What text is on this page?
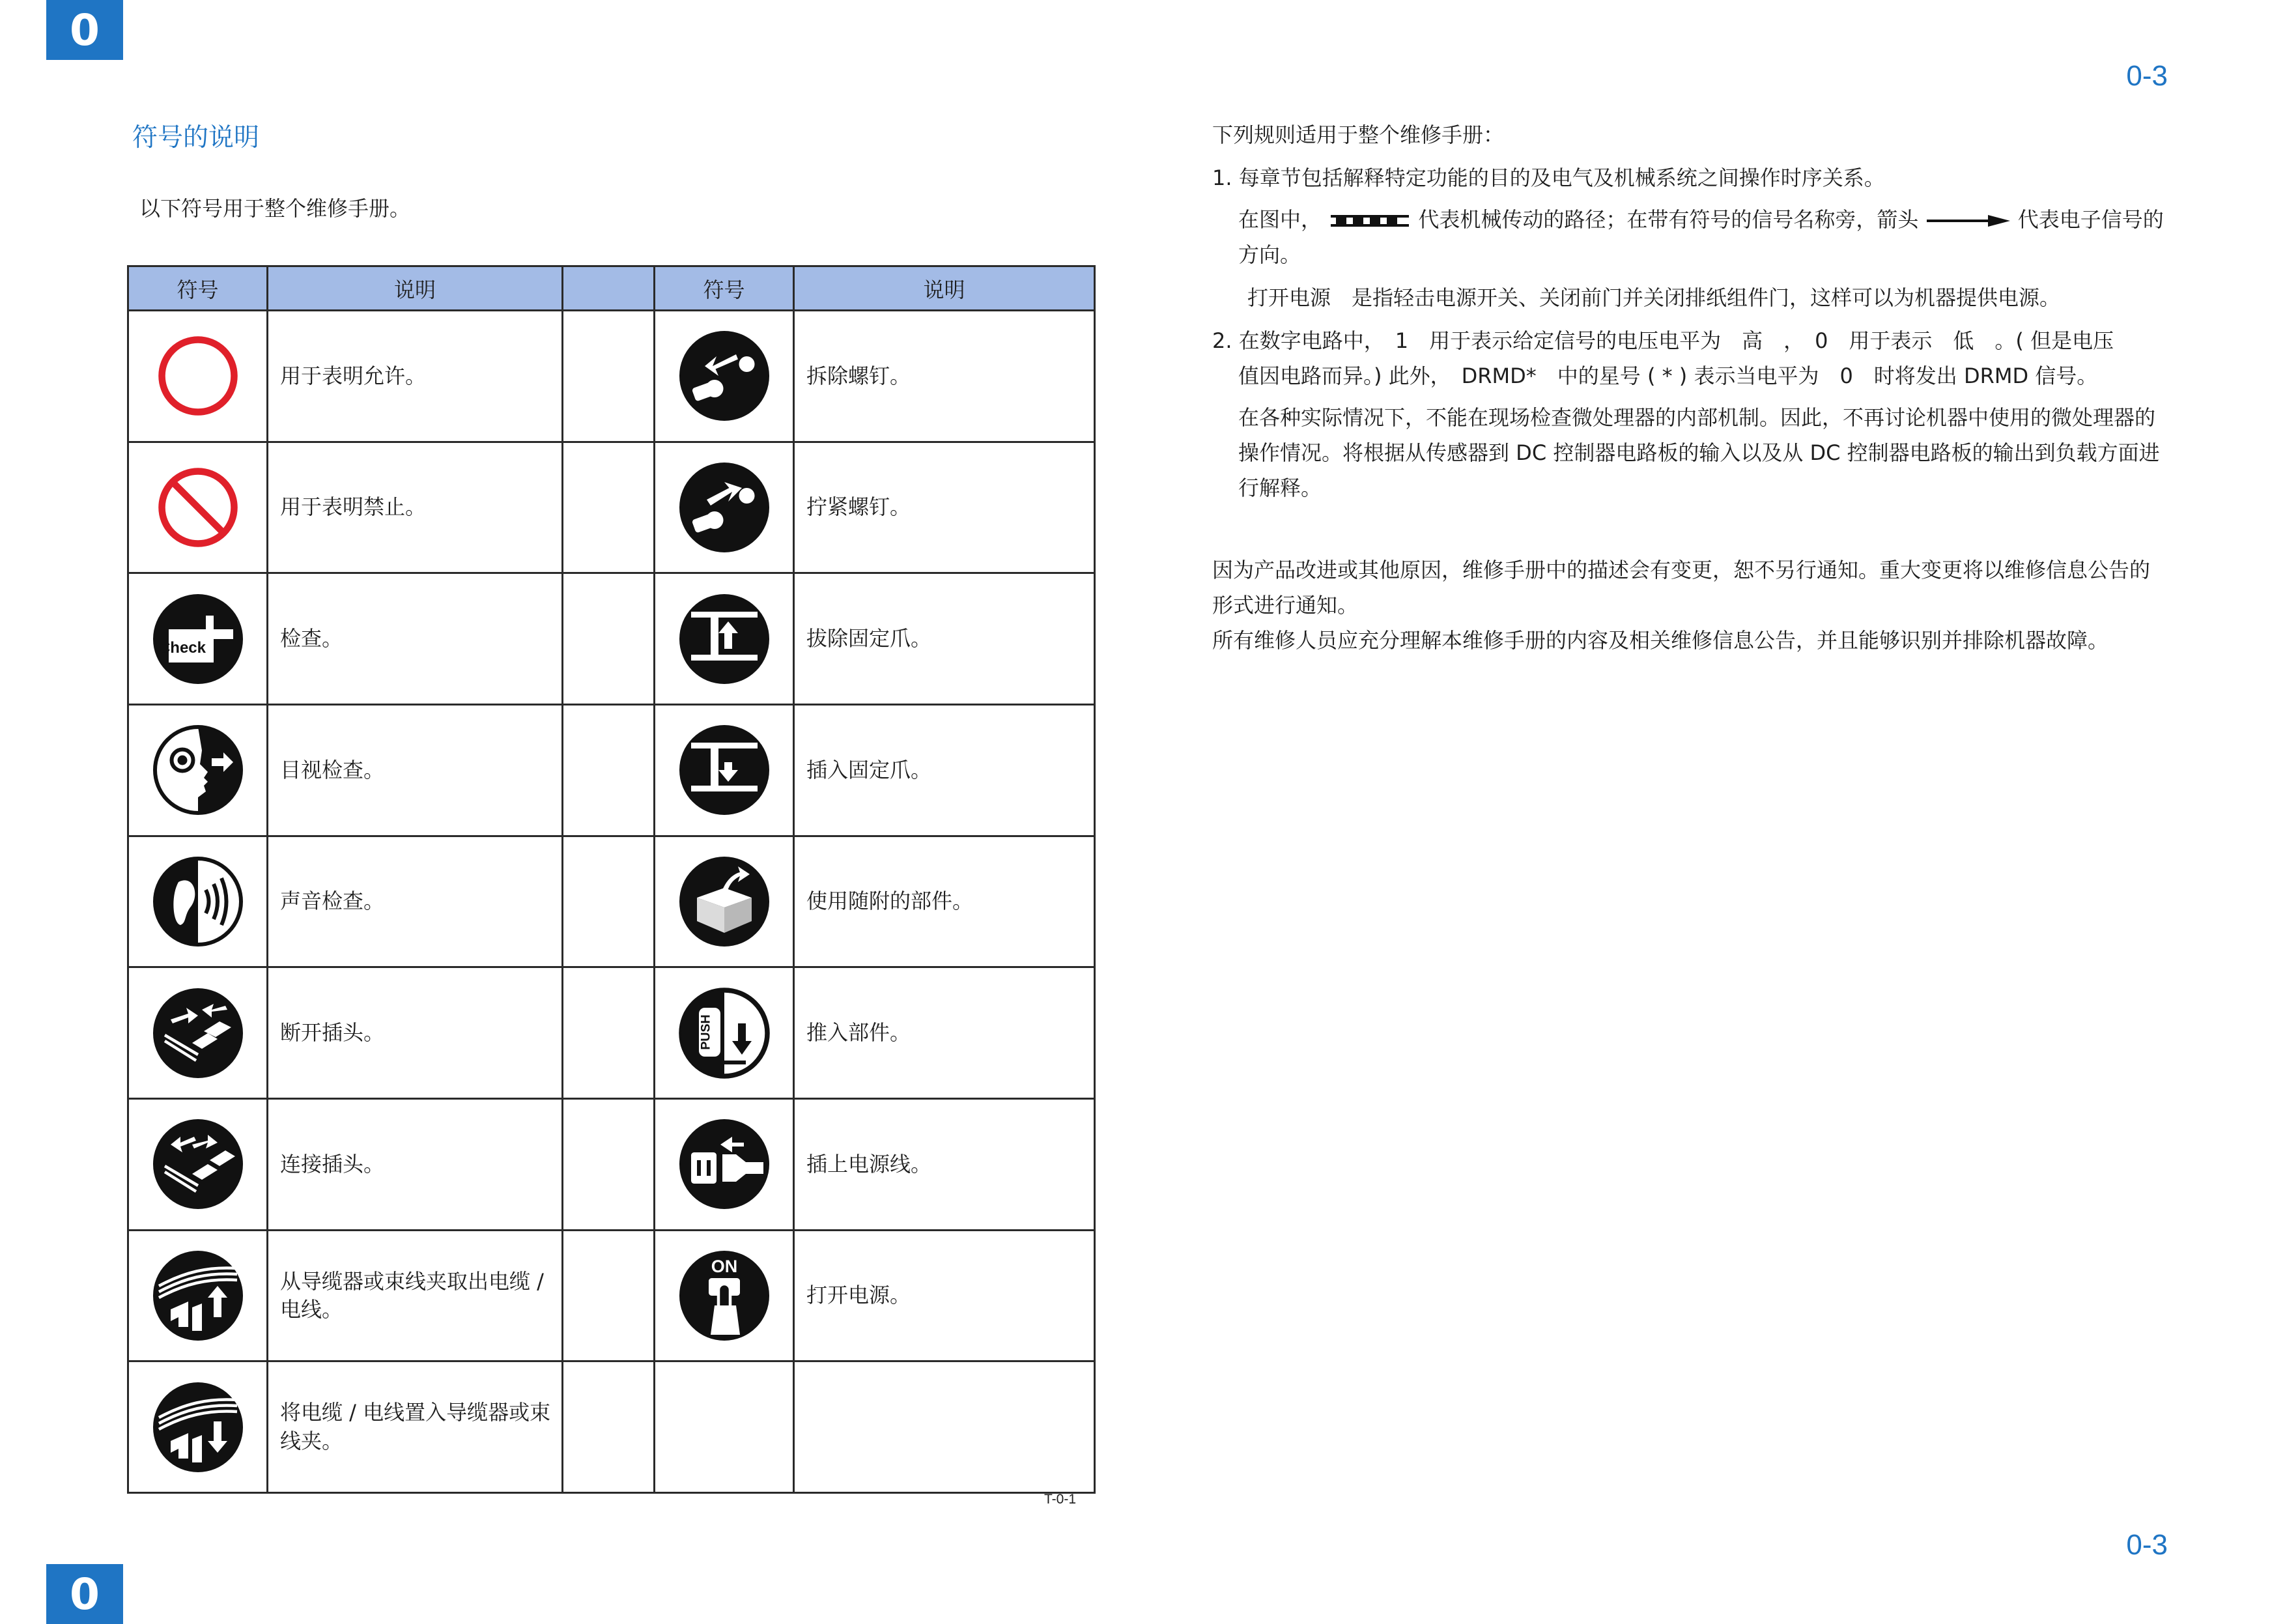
0
0
0-3
0-3
符号的说明
以下符号用于整个维修手册。
符号	说明		符号	说明

	用于表明允许。			拆除螺钉。

	用于表明禁止。			拧紧螺钉。

Check	检查。			拔除固定爪。

	目视检查。			插入固定爪。

	声音检查。			使用随附的部件。

	断开插头。		PUSH	推入部件。

	连接插头。			插上电源线。

	从导缆器或束线夹取出电缆 / 电线。		ON	打开电源。

	将电缆 / 电线置入导缆器或束线夹。			
T-0-1

下列规则适用于整个维修手册：

1. 每章节包括解释特定功能的目的及电气及机械系统之间操作时序关系。

在图中，	代表机械传动的路径；在带有符号的信号名称旁，箭头	代表电子信号的方向。

打开电源　是指轻击电源开关、关闭前门并关闭排纸组件门，这样可以为机器提供电源。

2. 在数字电路中，　1　用于表示给定信号的电压电平为　高　，　0　用于表示　低　。( 但是电压

值因电路而异。) 此外，　DRMD*　中的星号 ( * ) 表示当电平为　0　时将发出 DRMD 信号。

在各种实际情况下，不能在现场检查微处理器的内部机制。因此，不再讨论机器中使用的微处理器的操作情况。将根据从传感器到 DC 控制器电路板的输入以及从 DC 控制器电路板的输出到负载方面进行解释。

因为产品改进或其他原因，维修手册中的描述会有变更，恕不另行通知。重大变更将以维修信息公告的形式进行通知。

所有维修人员应充分理解本维修手册的内容及相关维修信息公告，并且能够识别并排除机器故障。
